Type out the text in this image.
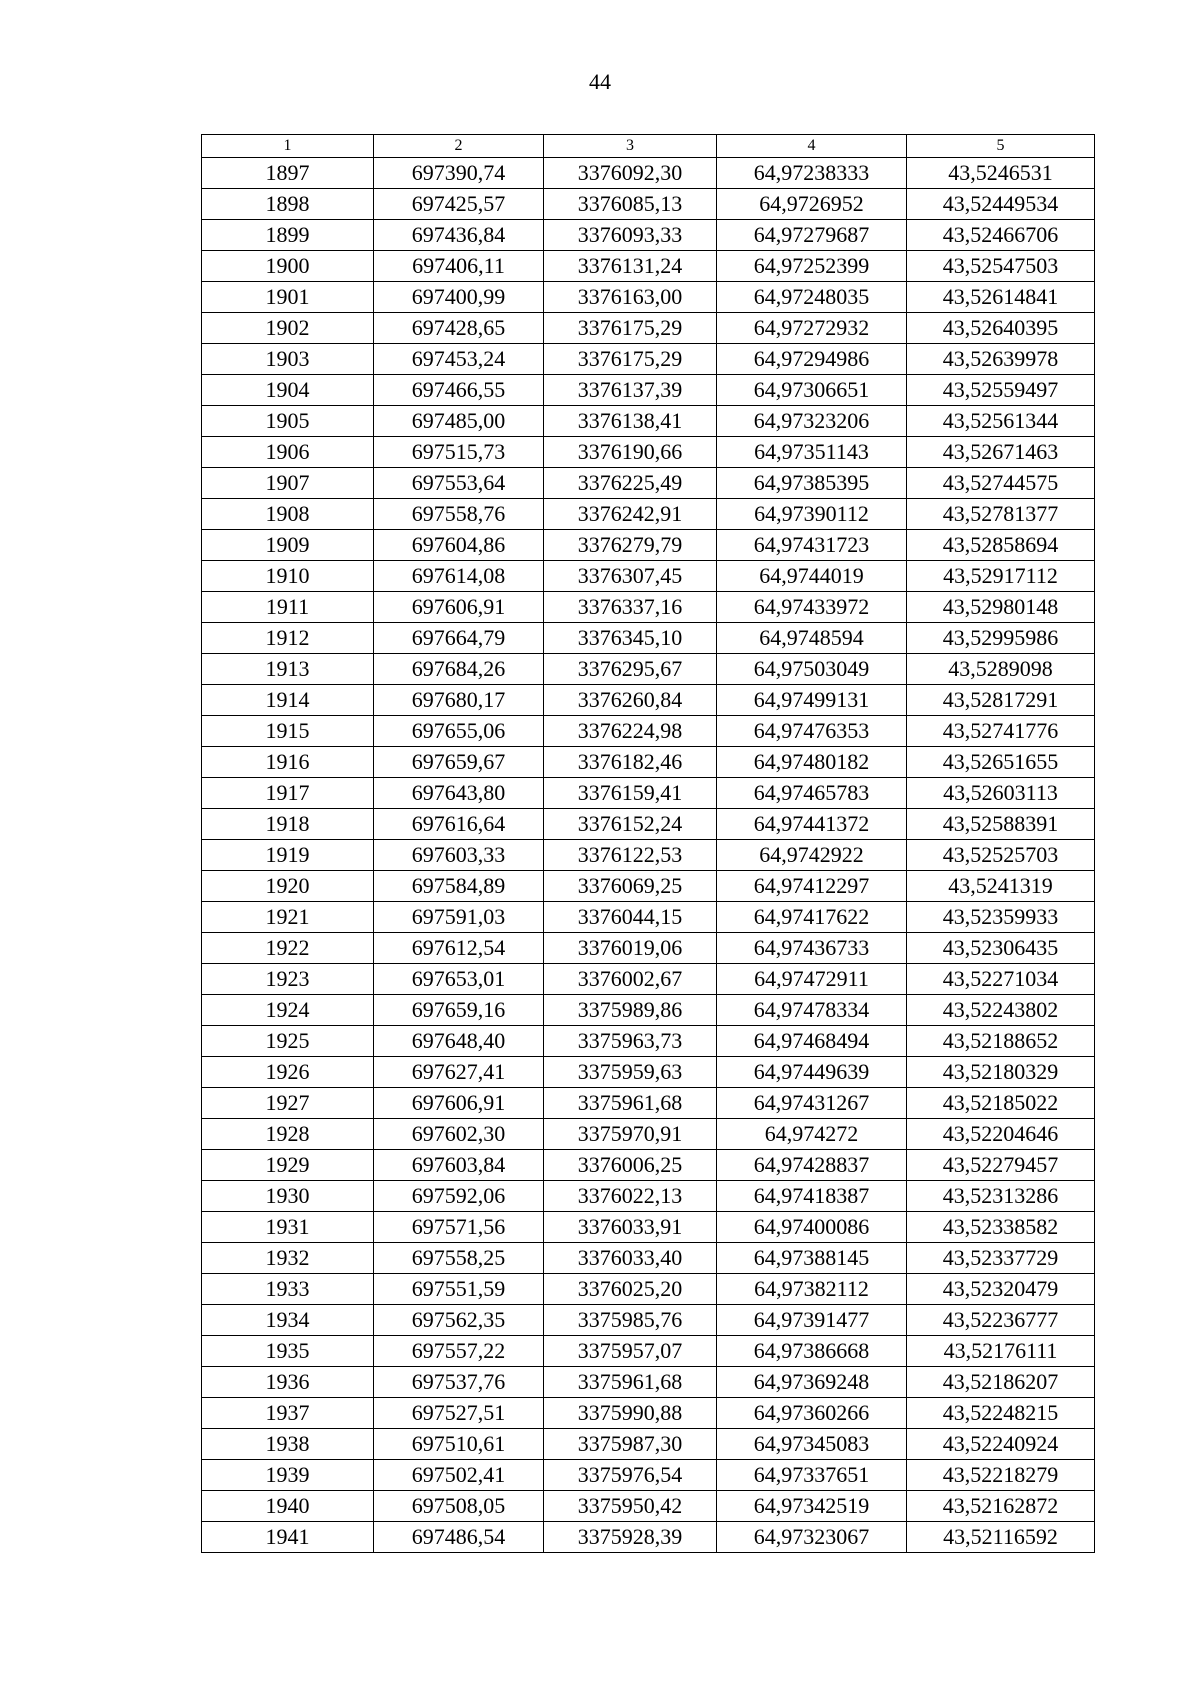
44
1	2	3	4	5
1897	697390,74	3376092,30	64,97238333	43,5246531
1898	697425,57	3376085,13	64,9726952	43,52449534
1899	697436,84	3376093,33	64,97279687	43,52466706
1900	697406,11	3376131,24	64,97252399	43,52547503
1901	697400,99	3376163,00	64,97248035	43,52614841
1902	697428,65	3376175,29	64,97272932	43,52640395
1903	697453,24	3376175,29	64,97294986	43,52639978
1904	697466,55	3376137,39	64,97306651	43,52559497
1905	697485,00	3376138,41	64,97323206	43,52561344
1906	697515,73	3376190,66	64,97351143	43,52671463
1907	697553,64	3376225,49	64,97385395	43,52744575
1908	697558,76	3376242,91	64,97390112	43,52781377
1909	697604,86	3376279,79	64,97431723	43,52858694
1910	697614,08	3376307,45	64,9744019	43,52917112
1911	697606,91	3376337,16	64,97433972	43,52980148
1912	697664,79	3376345,10	64,9748594	43,52995986
1913	697684,26	3376295,67	64,97503049	43,5289098
1914	697680,17	3376260,84	64,97499131	43,52817291
1915	697655,06	3376224,98	64,97476353	43,52741776
1916	697659,67	3376182,46	64,97480182	43,52651655
1917	697643,80	3376159,41	64,97465783	43,52603113
1918	697616,64	3376152,24	64,97441372	43,52588391
1919	697603,33	3376122,53	64,9742922	43,52525703
1920	697584,89	3376069,25	64,97412297	43,5241319
1921	697591,03	3376044,15	64,97417622	43,52359933
1922	697612,54	3376019,06	64,97436733	43,52306435
1923	697653,01	3376002,67	64,97472911	43,52271034
1924	697659,16	3375989,86	64,97478334	43,52243802
1925	697648,40	3375963,73	64,97468494	43,52188652
1926	697627,41	3375959,63	64,97449639	43,52180329
1927	697606,91	3375961,68	64,97431267	43,52185022
1928	697602,30	3375970,91	64,974272	43,52204646
1929	697603,84	3376006,25	64,97428837	43,52279457
1930	697592,06	3376022,13	64,97418387	43,52313286
1931	697571,56	3376033,91	64,97400086	43,52338582
1932	697558,25	3376033,40	64,97388145	43,52337729
1933	697551,59	3376025,20	64,97382112	43,52320479
1934	697562,35	3375985,76	64,97391477	43,52236777
1935	697557,22	3375957,07	64,97386668	43,52176111
1936	697537,76	3375961,68	64,97369248	43,52186207
1937	697527,51	3375990,88	64,97360266	43,52248215
1938	697510,61	3375987,30	64,97345083	43,52240924
1939	697502,41	3375976,54	64,97337651	43,52218279
1940	697508,05	3375950,42	64,97342519	43,52162872
1941	697486,54	3375928,39	64,97323067	43,52116592
